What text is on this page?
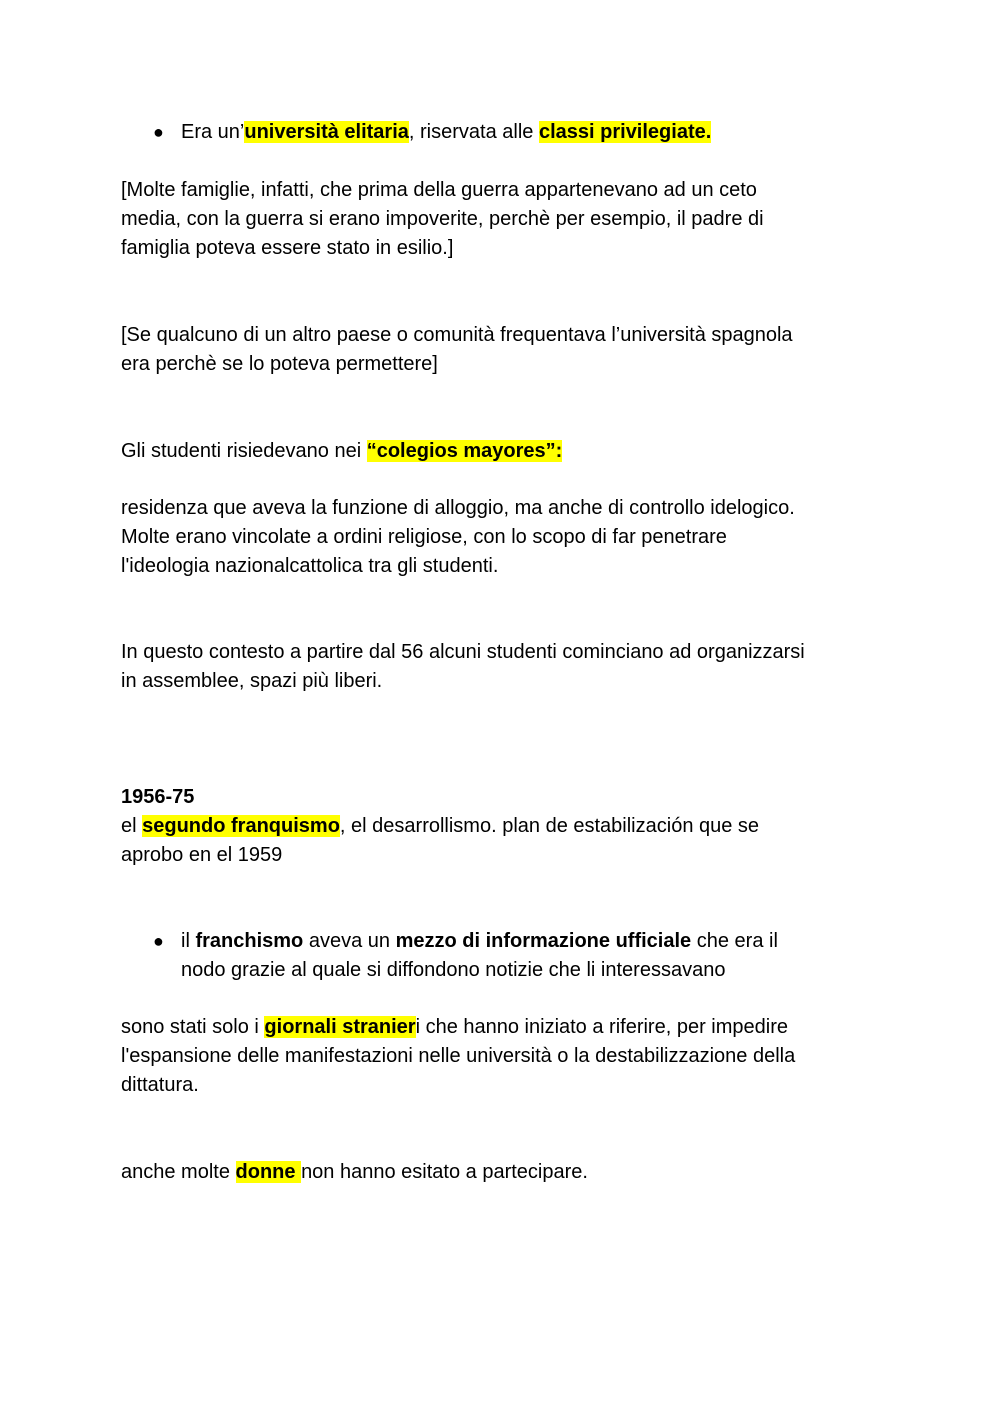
● Era un’università elitaria, riservata alle classi privilegiate.
[Molte famiglie, infatti, che prima della guerra appartenevano ad un ceto
media, con la guerra si erano impoverite, perchè per esempio, il padre di
famiglia poteva essere stato in esilio.]
[Se qualcuno di un altro paese o comunità frequentava l’università spagnola
era perchè se lo poteva permettere]
Gli studenti risiedevano nei “colegios mayores”:
residenza que aveva la funzione di alloggio, ma anche di controllo idelogico.
Molte erano vincolate a ordini religiose, con lo scopo di far penetrare
l'ideologia nazionalcattolica tra gli studenti.
In questo contesto a partire dal 56 alcuni studenti cominciano ad organizzarsi
in assemblee, spazi più liberi.
1956-75
el segundo franquismo, el desarrollismo. plan de estabilización que se
aprobo en el 1959
● il franchismo aveva un mezzo di informazione ufficiale che era il
nodo grazie al quale si diffondono notizie che li interessavano
sono stati solo i giornali stranieri che hanno iniziato a riferire, per impedire
l'espansione delle manifestazioni nelle università o la destabilizzazione della
dittatura.
anche molte donne non hanno esitato a partecipare.
